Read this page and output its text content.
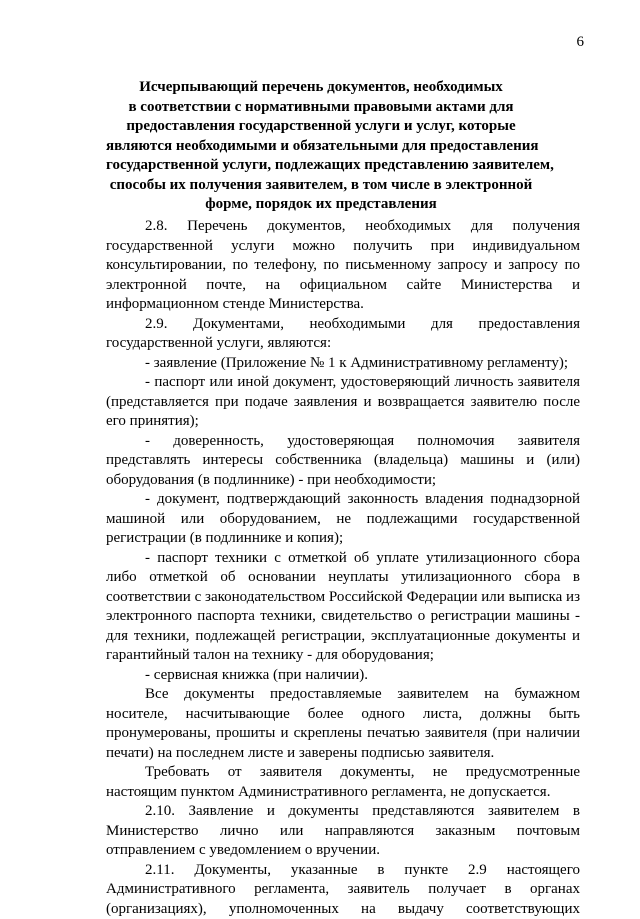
6
Исчерпывающий перечень документов, необходимых
в соответствии с нормативными правовыми актами для
предоставления государственной услуги и услуг, которые
являются необходимыми и обязательными для предоставления
государственной услуги, подлежащих представлению заявителем,
способы их получения заявителем, в том числе в электронной
форме, порядок их представления

2.8. Перечень документов, необходимых для получения государственной услуги можно получить при индивидуальном консультировании, по телефону, по письменному запросу и запросу по электронной почте, на официальном сайте Министерства и информационном стенде Министерства.

2.9. Документами, необходимыми для предоставления государственной услуги, являются:

- заявление (Приложение № 1 к Административному регламенту);

- паспорт или иной документ, удостоверяющий личность заявителя (представляется при подаче заявления и возвращается заявителю после его принятия);

- доверенность, удостоверяющая полномочия заявителя представлять интересы собственника (владельца) машины и (или) оборудования (в подлиннике) - при необходимости;

- документ, подтверждающий законность владения поднадзорной машиной или оборудованием, не подлежащими государственной регистрации (в подлиннике и копия);

- паспорт техники с отметкой об уплате утилизационного сбора либо отметкой об основании неуплаты утилизационного сбора в соответствии с законодательством Российской Федерации или выписка из электронного паспорта техники, свидетельство о регистрации машины - для техники, подлежащей регистрации, эксплуатационные документы и гарантийный талон на технику - для оборудования;

- сервисная книжка (при наличии).

Все документы предоставляемые заявителем на бумажном носителе, насчитывающие более одного листа, должны быть пронумерованы, прошиты и скреплены печатью заявителя (при наличии печати) на последнем листе и заверены подписью заявителя.

Требовать от заявителя документы, не предусмотренные настоящим пунктом Административного регламента, не допускается.

2.10. Заявление и документы представляются заявителем в Министерство лично или направляются заказным почтовым отправлением с уведомлением о вручении.

2.11. Документы, указанные в пункте 2.9 настоящего Административного регламента, заявитель получает в органах (организациях), уполномоченных на выдачу соответствующих
